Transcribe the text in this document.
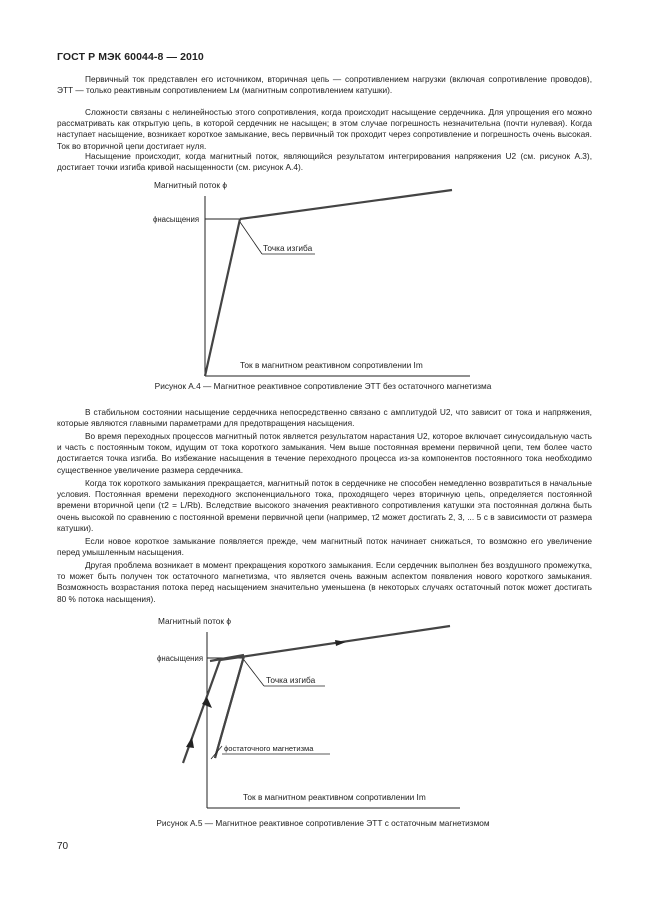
ГОСТ Р МЭК 60044-8 — 2010

Первичный ток представлен его источником, вторичная цепь — сопротивлением нагрузки (включая сопротивление проводов), ЭТТ — только реактивным сопротивлением Lм (магнитным сопротивлением катушки).

Сложности связаны с нелинейностью этого сопротивления, когда происходит насыщение сердечника. Для упрощения его можно рассматривать как открытую цепь, в которой сердечник не насыщен; в этом случае погрешность незначительна (почти нулевая). Когда наступает насыщение, возникает короткое замыкание, весь первичный ток проходит через сопротивление и погрешность очень высокая. Ток во вторичной цепи достигает нуля.

Насыщение происходит, когда магнитный поток, являющийся результатом интегрирования напряжения U2 (см. рисунок А.3), достигает точки изгиба кривой насыщенности (см. рисунок А.4).

Магнитный поток ϕ
ϕнасыщения
Точка изгиба
Ток в магнитном реактивном сопротивлении Im
Рисунок А.4 — Магнитное реактивное сопротивление ЭТТ без остаточного магнетизма

В стабильном состоянии насыщение сердечника непосредственно связано с амплитудой U2, что зависит от тока и напряжения, которые являются главными параметрами для предотвращения насыщения.

Во время переходных процессов магнитный поток является результатом нарастания U2, которое включает синусоидальную часть и часть с постоянным током, идущим от тока короткого замыкания. Чем выше постоянная времени первичной цепи, тем более часто достигается точка изгиба. Во избежание насыщения в течение переходного процесса из-за компонентов постоянного тока необходимо существенное увеличение размера сердечника.

Когда ток короткого замыкания прекращается, магнитный поток в сердечнике не способен немедленно возвратиться в начальные условия. Постоянная времени переходного экспоненциального тока, проходящего через вторичную цепь, определяется постоянной времени вторичной цепи (τ2 = L/Rb). Вследствие высокого значения реактивного сопротивления катушки эта постоянная должна быть очень высокой по сравнению с постоянной времени первичной цепи (например, τ2 может достигать 2, 3, ... 5 с в зависимости от размера катушки).

Если новое короткое замыкание появляется прежде, чем магнитный поток начинает снижаться, то возможно его увеличение перед умышленным насыщения.

Другая проблема возникает в момент прекращения короткого замыкания. Если сердечник выполнен без воздушного промежутка, то может быть получен ток остаточного магнетизма, что является очень важным аспектом появления нового короткого замыкания. Возможность возрастания потока перед насыщением значительно уменьшена (в некоторых случаях остаточный поток может достигать 80 % потока насыщения).

Магнитный поток ϕ
ϕнасыщения
Точка изгиба
ϕостаточного магнетизма
Ток в магнитном реактивном сопротивлении Im
Рисунок А.5 — Магнитное реактивное сопротивление ЭТТ с остаточным магнетизмом
70
